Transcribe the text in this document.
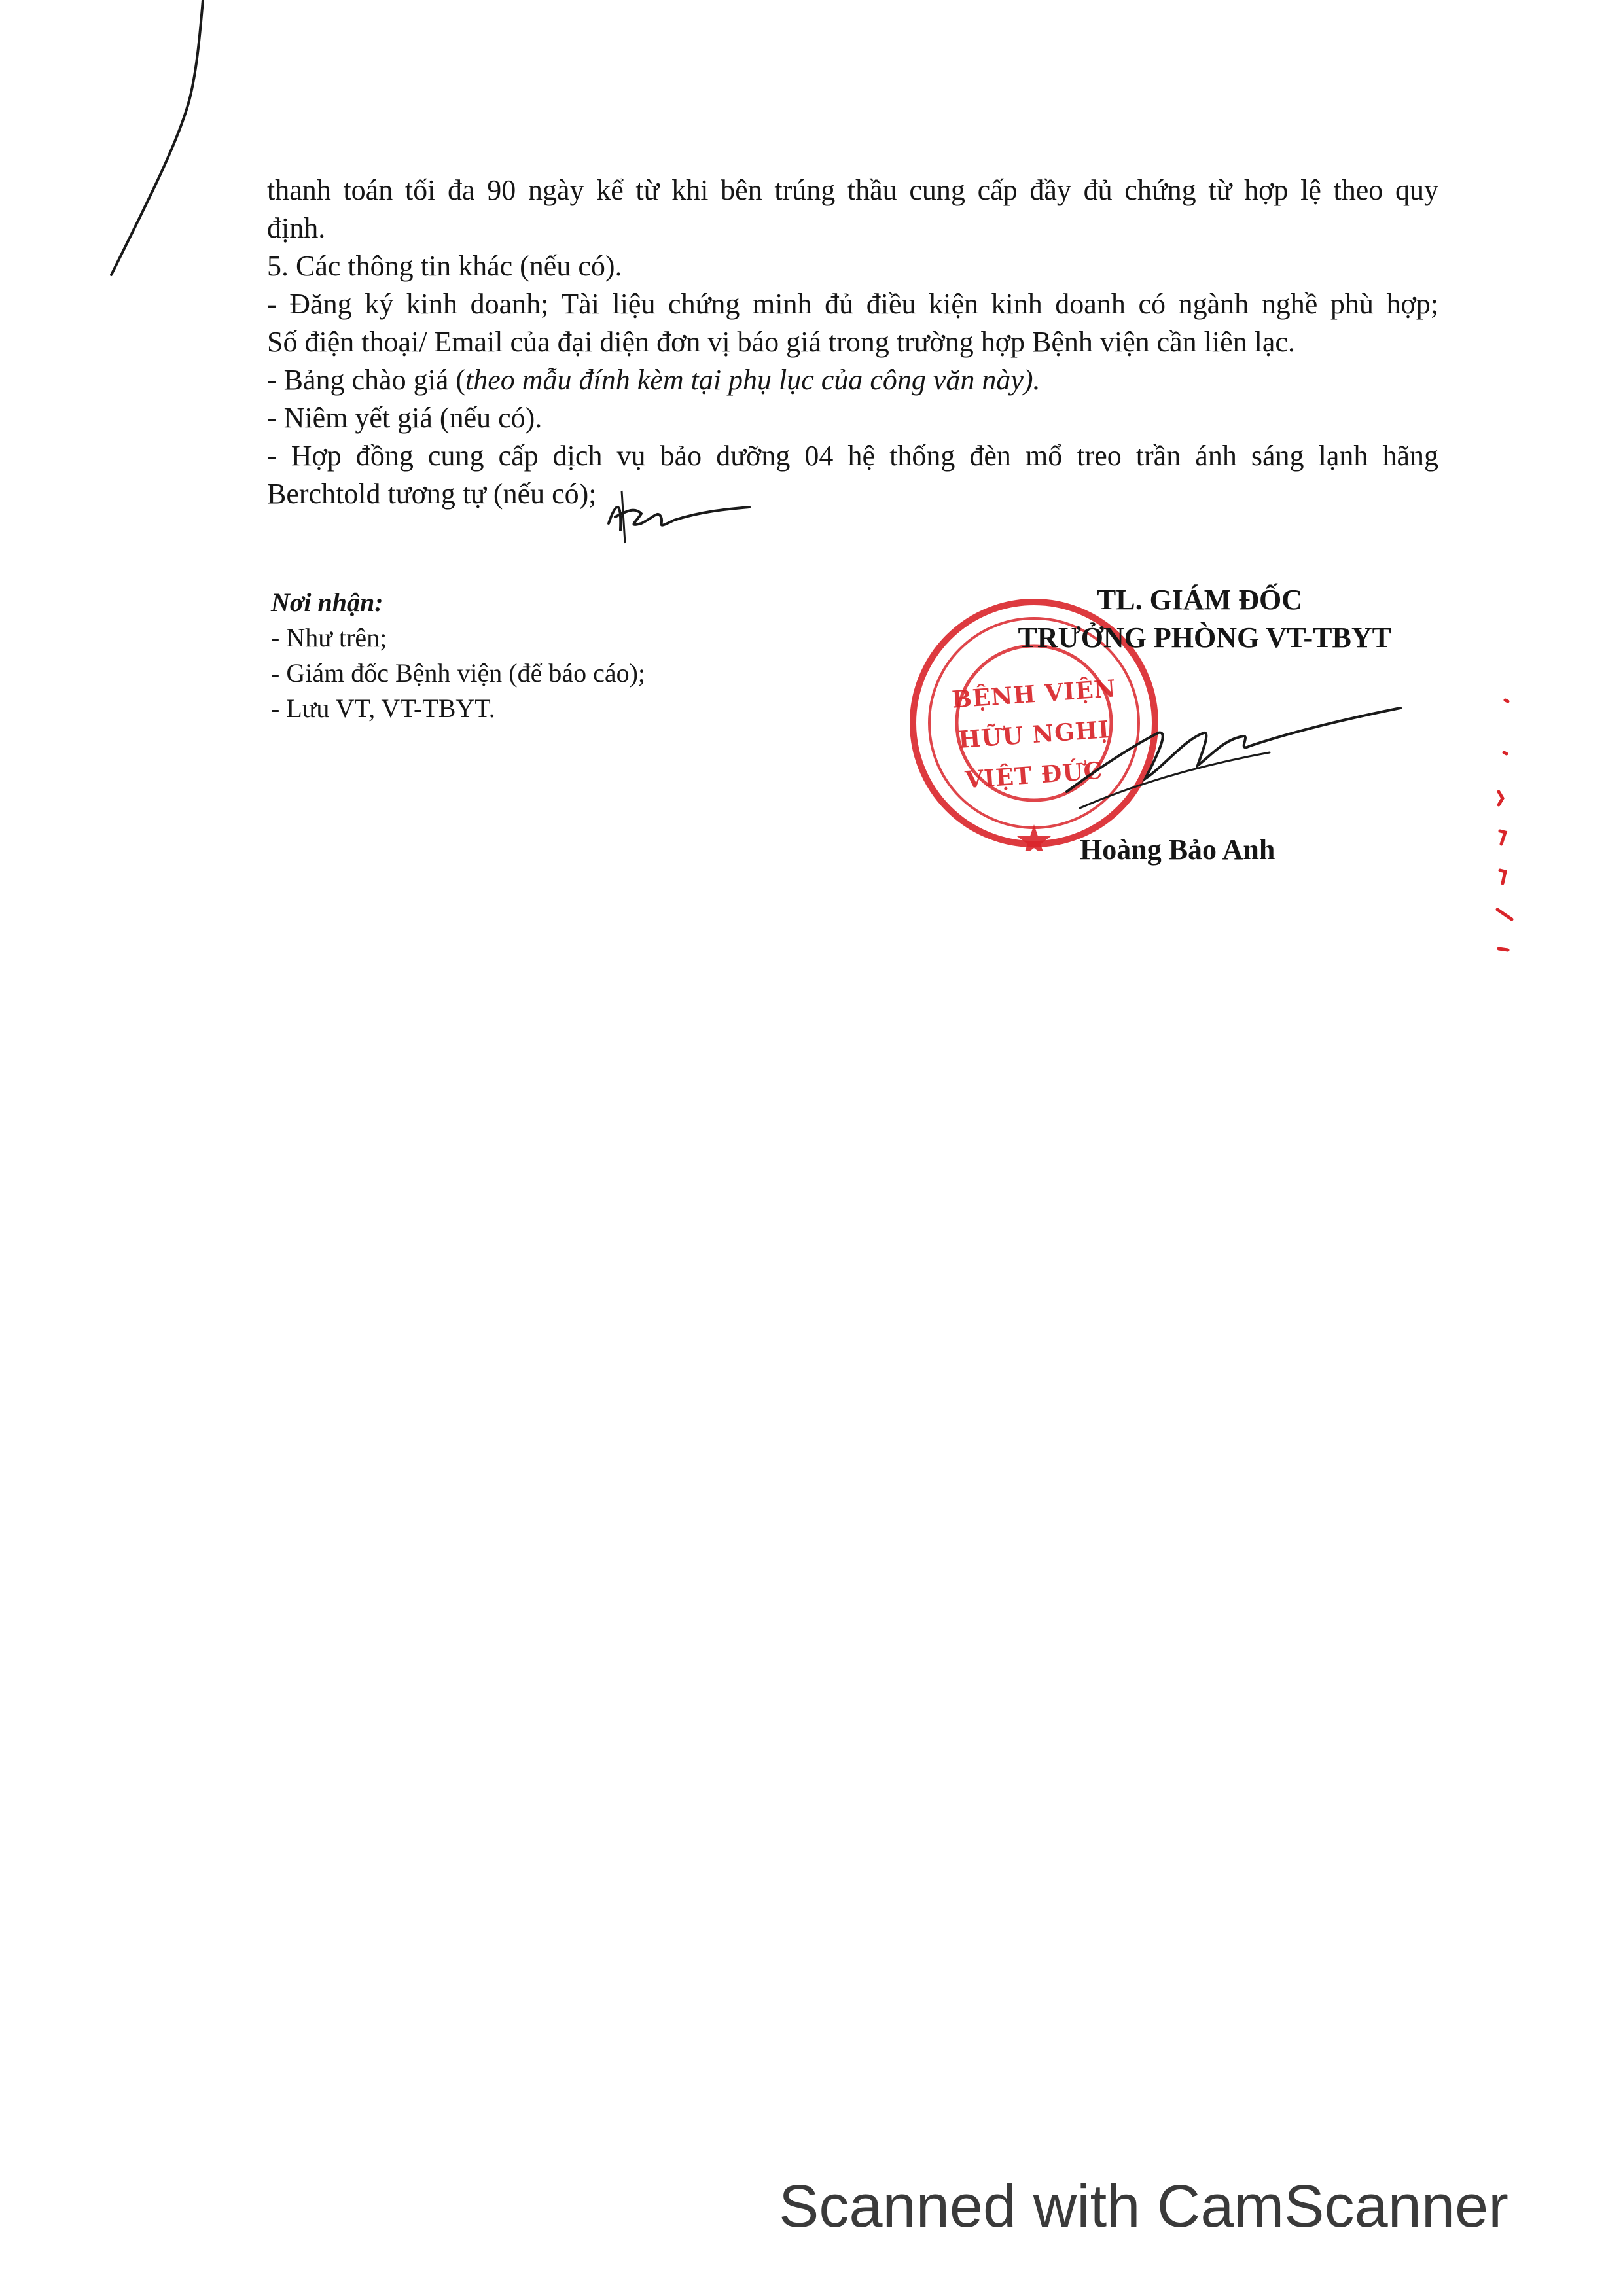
thanh toán tối đa 90 ngày kể từ khi bên trúng thầu cung cấp đầy đủ chứng từ hợp lệ theo quy
định.
5. Các thông tin khác (nếu có).
- Đăng ký kinh doanh; Tài liệu chứng minh đủ điều kiện kinh doanh có ngành nghề phù hợp;
Số điện thoại/ Email của đại diện đơn vị báo giá trong trường hợp Bệnh viện cần liên lạc.
- Bảng chào giá (theo mẫu đính kèm tại phụ lục của công văn này).
- Niêm yết giá (nếu có).
- Hợp đồng cung cấp dịch vụ bảo dưỡng 04 hệ thống đèn mổ treo trần ánh sáng lạnh hãng
Berchtold tương tự (nếu có);
Nơi nhận:
- Như trên;
- Giám đốc Bệnh viện (để báo cáo);
- Lưu VT, VT-TBYT.	BỆNH VIỆN
HỮU NGHỊ
VIỆT ĐỨC
TL. GIÁM ĐỐC
TRƯỞNG PHÒNG VT-TBYT
Hoàng Bảo Anh
Scanned with CamScanner
